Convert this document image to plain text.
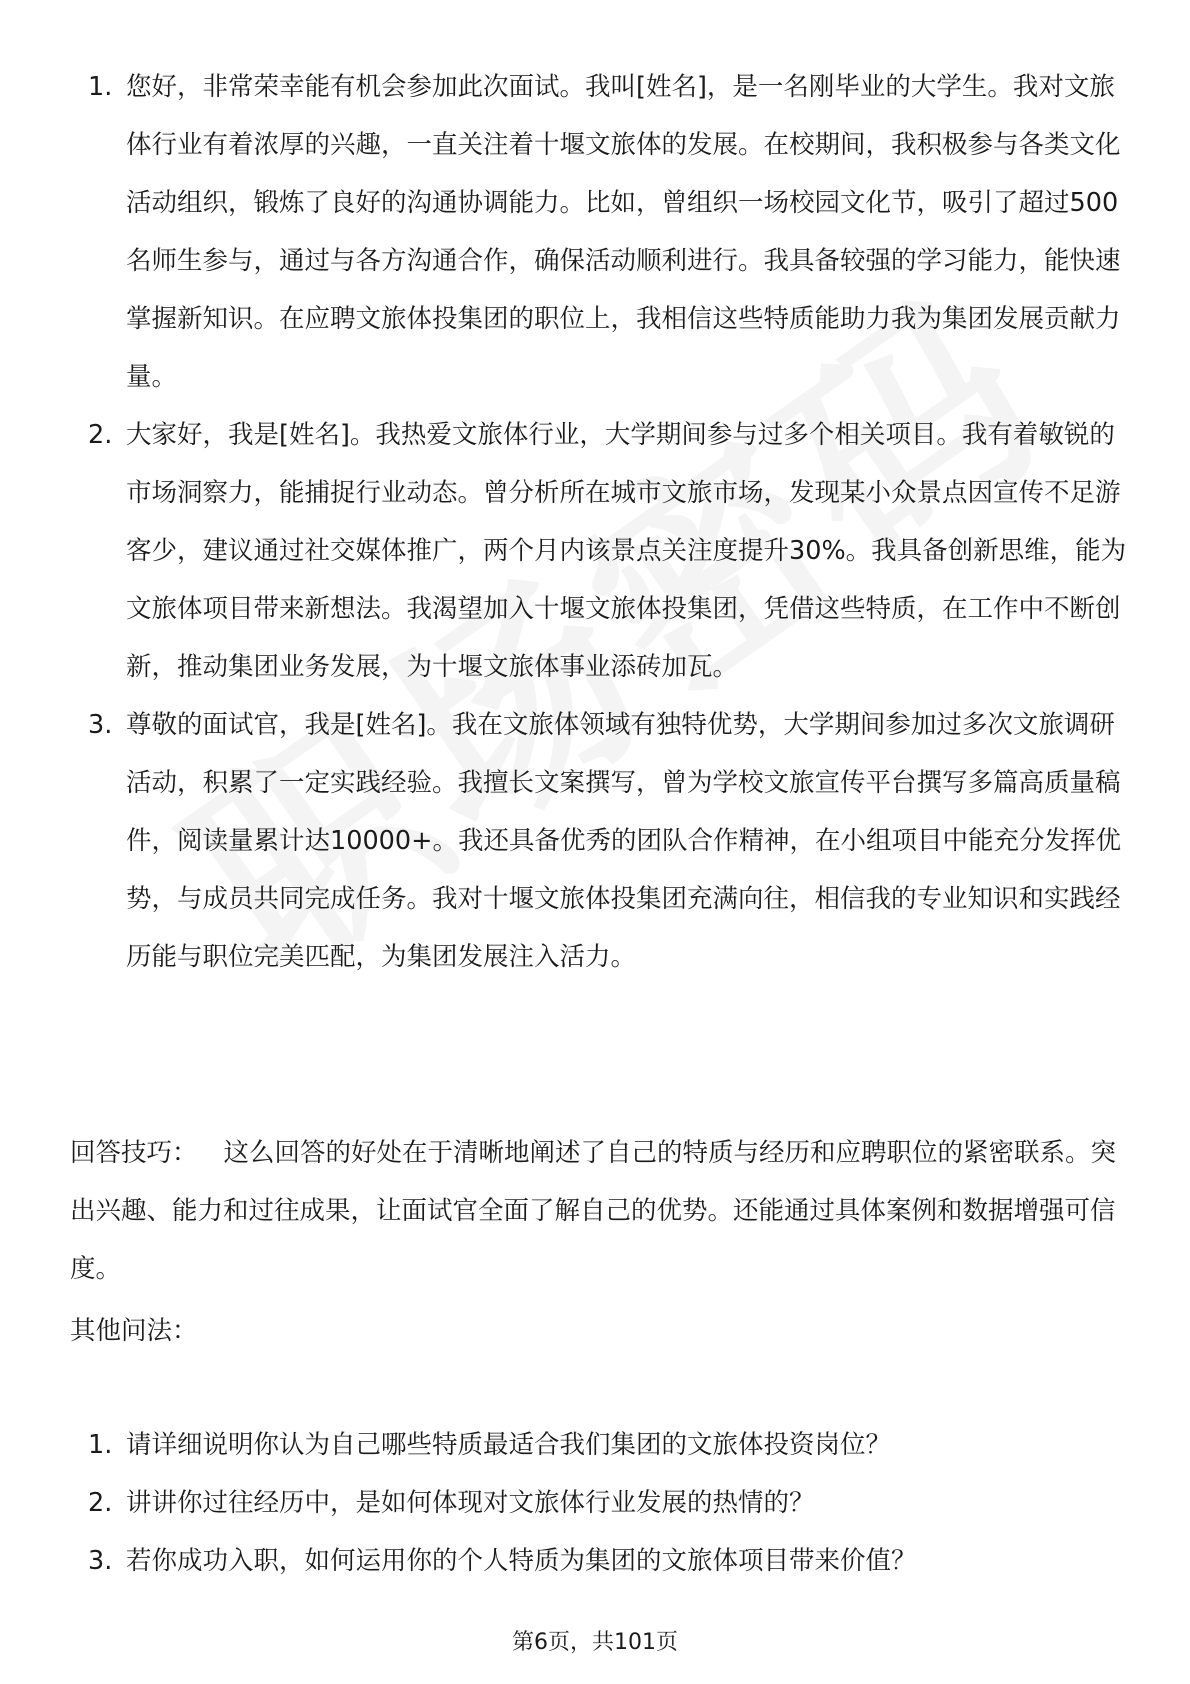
1. 您好，非常荣幸能有机会参加此次面试。我叫[姓名]，是一名刚毕业的大学生。我对文旅体行业有着浓厚的兴趣，一直关注着十堰文旅体的发展。在校期间，我积极参与各类文化活动组织，锻炼了良好的沟通协调能力。比如，曾组织一场校园文化节，吸引了超过500名师生参与，通过与各方沟通合作，确保活动顺利进行。我具备较强的学习能力，能快速掌握新知识。在应聘文旅体投集团的职位上，我相信这些特质能助力我为集团发展贡献力量。
2. 大家好，我是[姓名]。我热爱文旅体行业，大学期间参与过多个相关项目。我有着敏锐的市场洞察力，能捕捉行业动态。曾分析所在城市文旅市场，发现某小众景点因宣传不足游客少，建议通过社交媒体推广，两个月内该景点关注度提升30%。我具备创新思维，能为文旅体项目带来新想法。我渴望加入十堰文旅体投集团，凭借这些特质，在工作中不断创新，推动集团业务发展，为十堰文旅体事业添砖加瓦。
3. 尊敬的面试官，我是[姓名]。我在文旅体领域有独特优势，大学期间参加过多次文旅调研活动，积累了一定实践经验。我擅长文案撰写，曾为学校文旅宣传平台撰写多篇高质量稿件，阅读量累计达10000+。我还具备优秀的团队合作精神，在小组项目中能充分发挥优势，与成员共同完成任务。我对十堰文旅体投集团充满向往，相信我的专业知识和实践经历能与职位完美匹配，为集团发展注入活力。

回答技巧： 这么回答的好处在于清晰地阐述了自己的特质与经历和应聘职位的紧密联系。突出兴趣、能力和过往成果，让面试官全面了解自己的优势。还能通过具体案例和数据增强可信度。

其他问法：

1. 请详细说明你认为自己哪些特质最适合我们集团的文旅体投资岗位？
2. 讲讲你过往经历中，是如何体现对文旅体行业发展的热情的？
3. 若你成功入职，如何运用你的个人特质为集团的文旅体项目带来价值？
第6页，共101页
